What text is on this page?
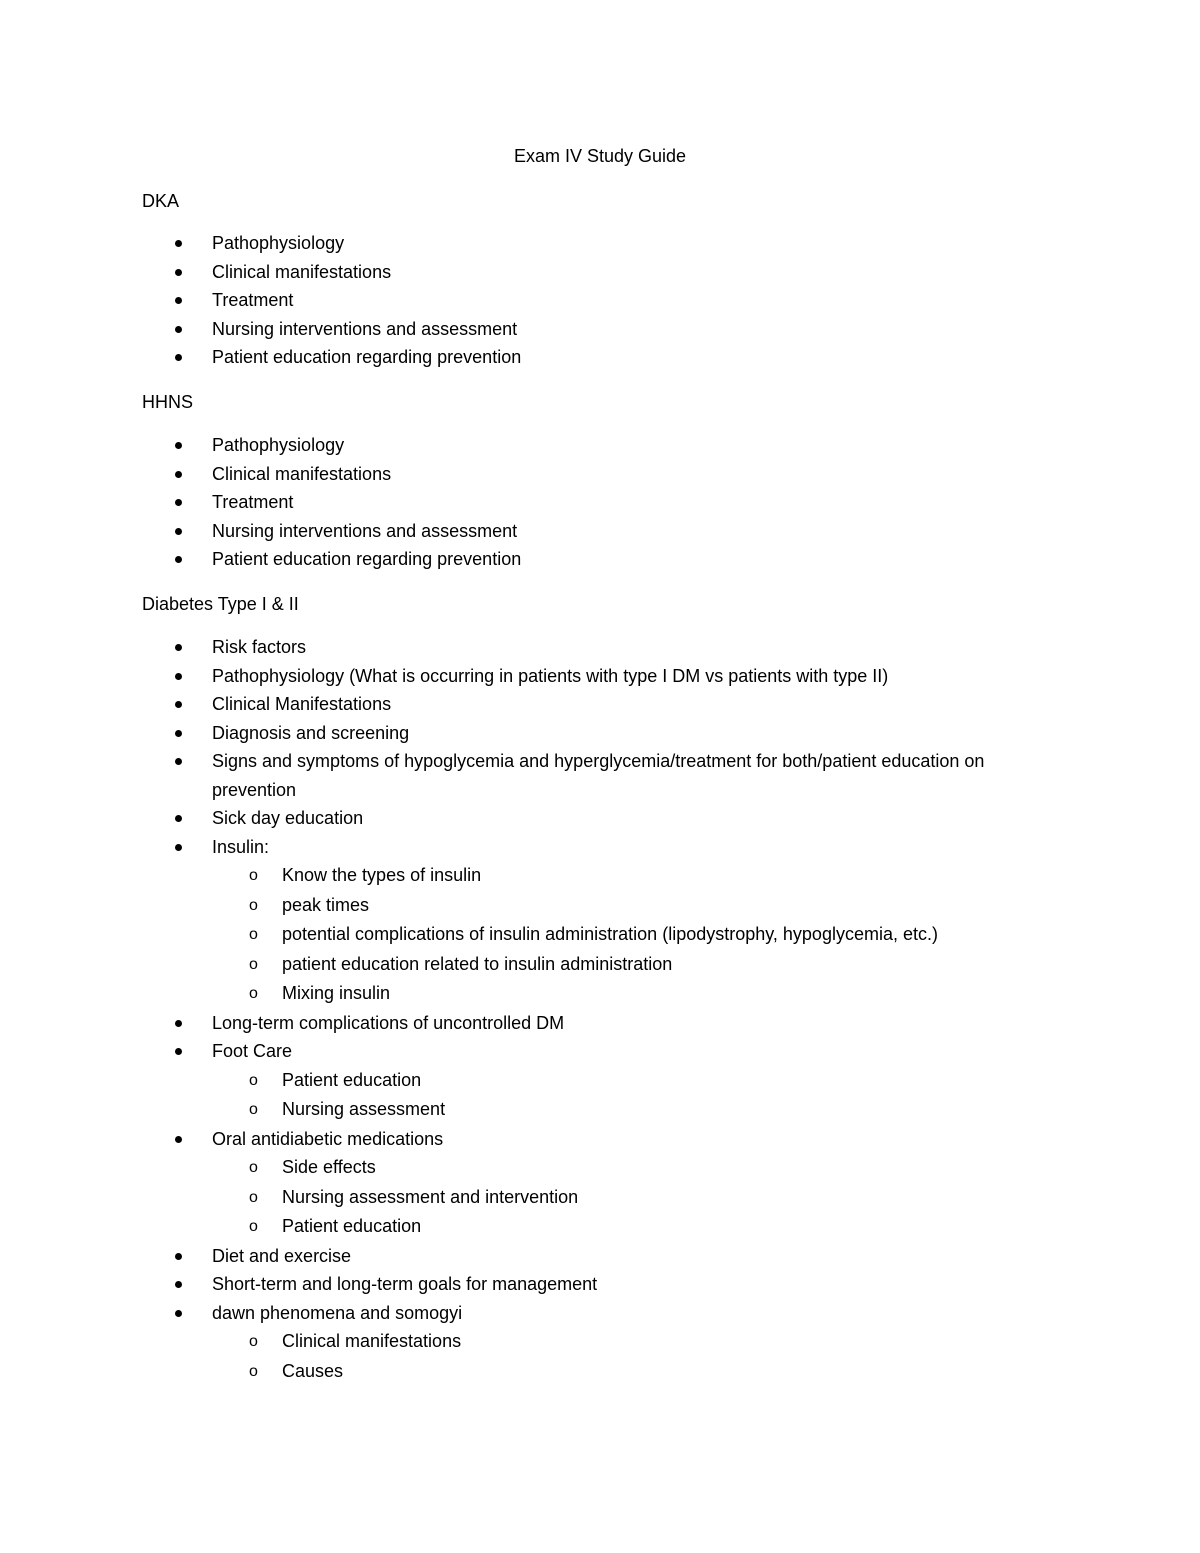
Exam IV Study Guide
DKA
Pathophysiology
Clinical manifestations
Treatment
Nursing interventions and assessment
Patient education regarding prevention
HHNS
Pathophysiology
Clinical manifestations
Treatment
Nursing interventions and assessment
Patient education regarding prevention
Diabetes Type I & II
Risk factors
Pathophysiology (What is occurring in patients with type I DM vs patients with type II)
Clinical Manifestations
Diagnosis and screening
Signs and symptoms of hypoglycemia and hyperglycemia/treatment for both/patient education on prevention
Sick day education
Insulin:
o Know the types of insulin
o peak times
o potential complications of insulin administration (lipodystrophy, hypoglycemia, etc.)
o patient education related to insulin administration
o Mixing insulin
Long-term complications of uncontrolled DM
Foot Care
o Patient education
o Nursing assessment
Oral antidiabetic medications
o Side effects
o Nursing assessment and intervention
o Patient education
Diet and exercise
Short-term and long-term goals for management
dawn phenomena and somogyi
o Clinical manifestations
o Causes
